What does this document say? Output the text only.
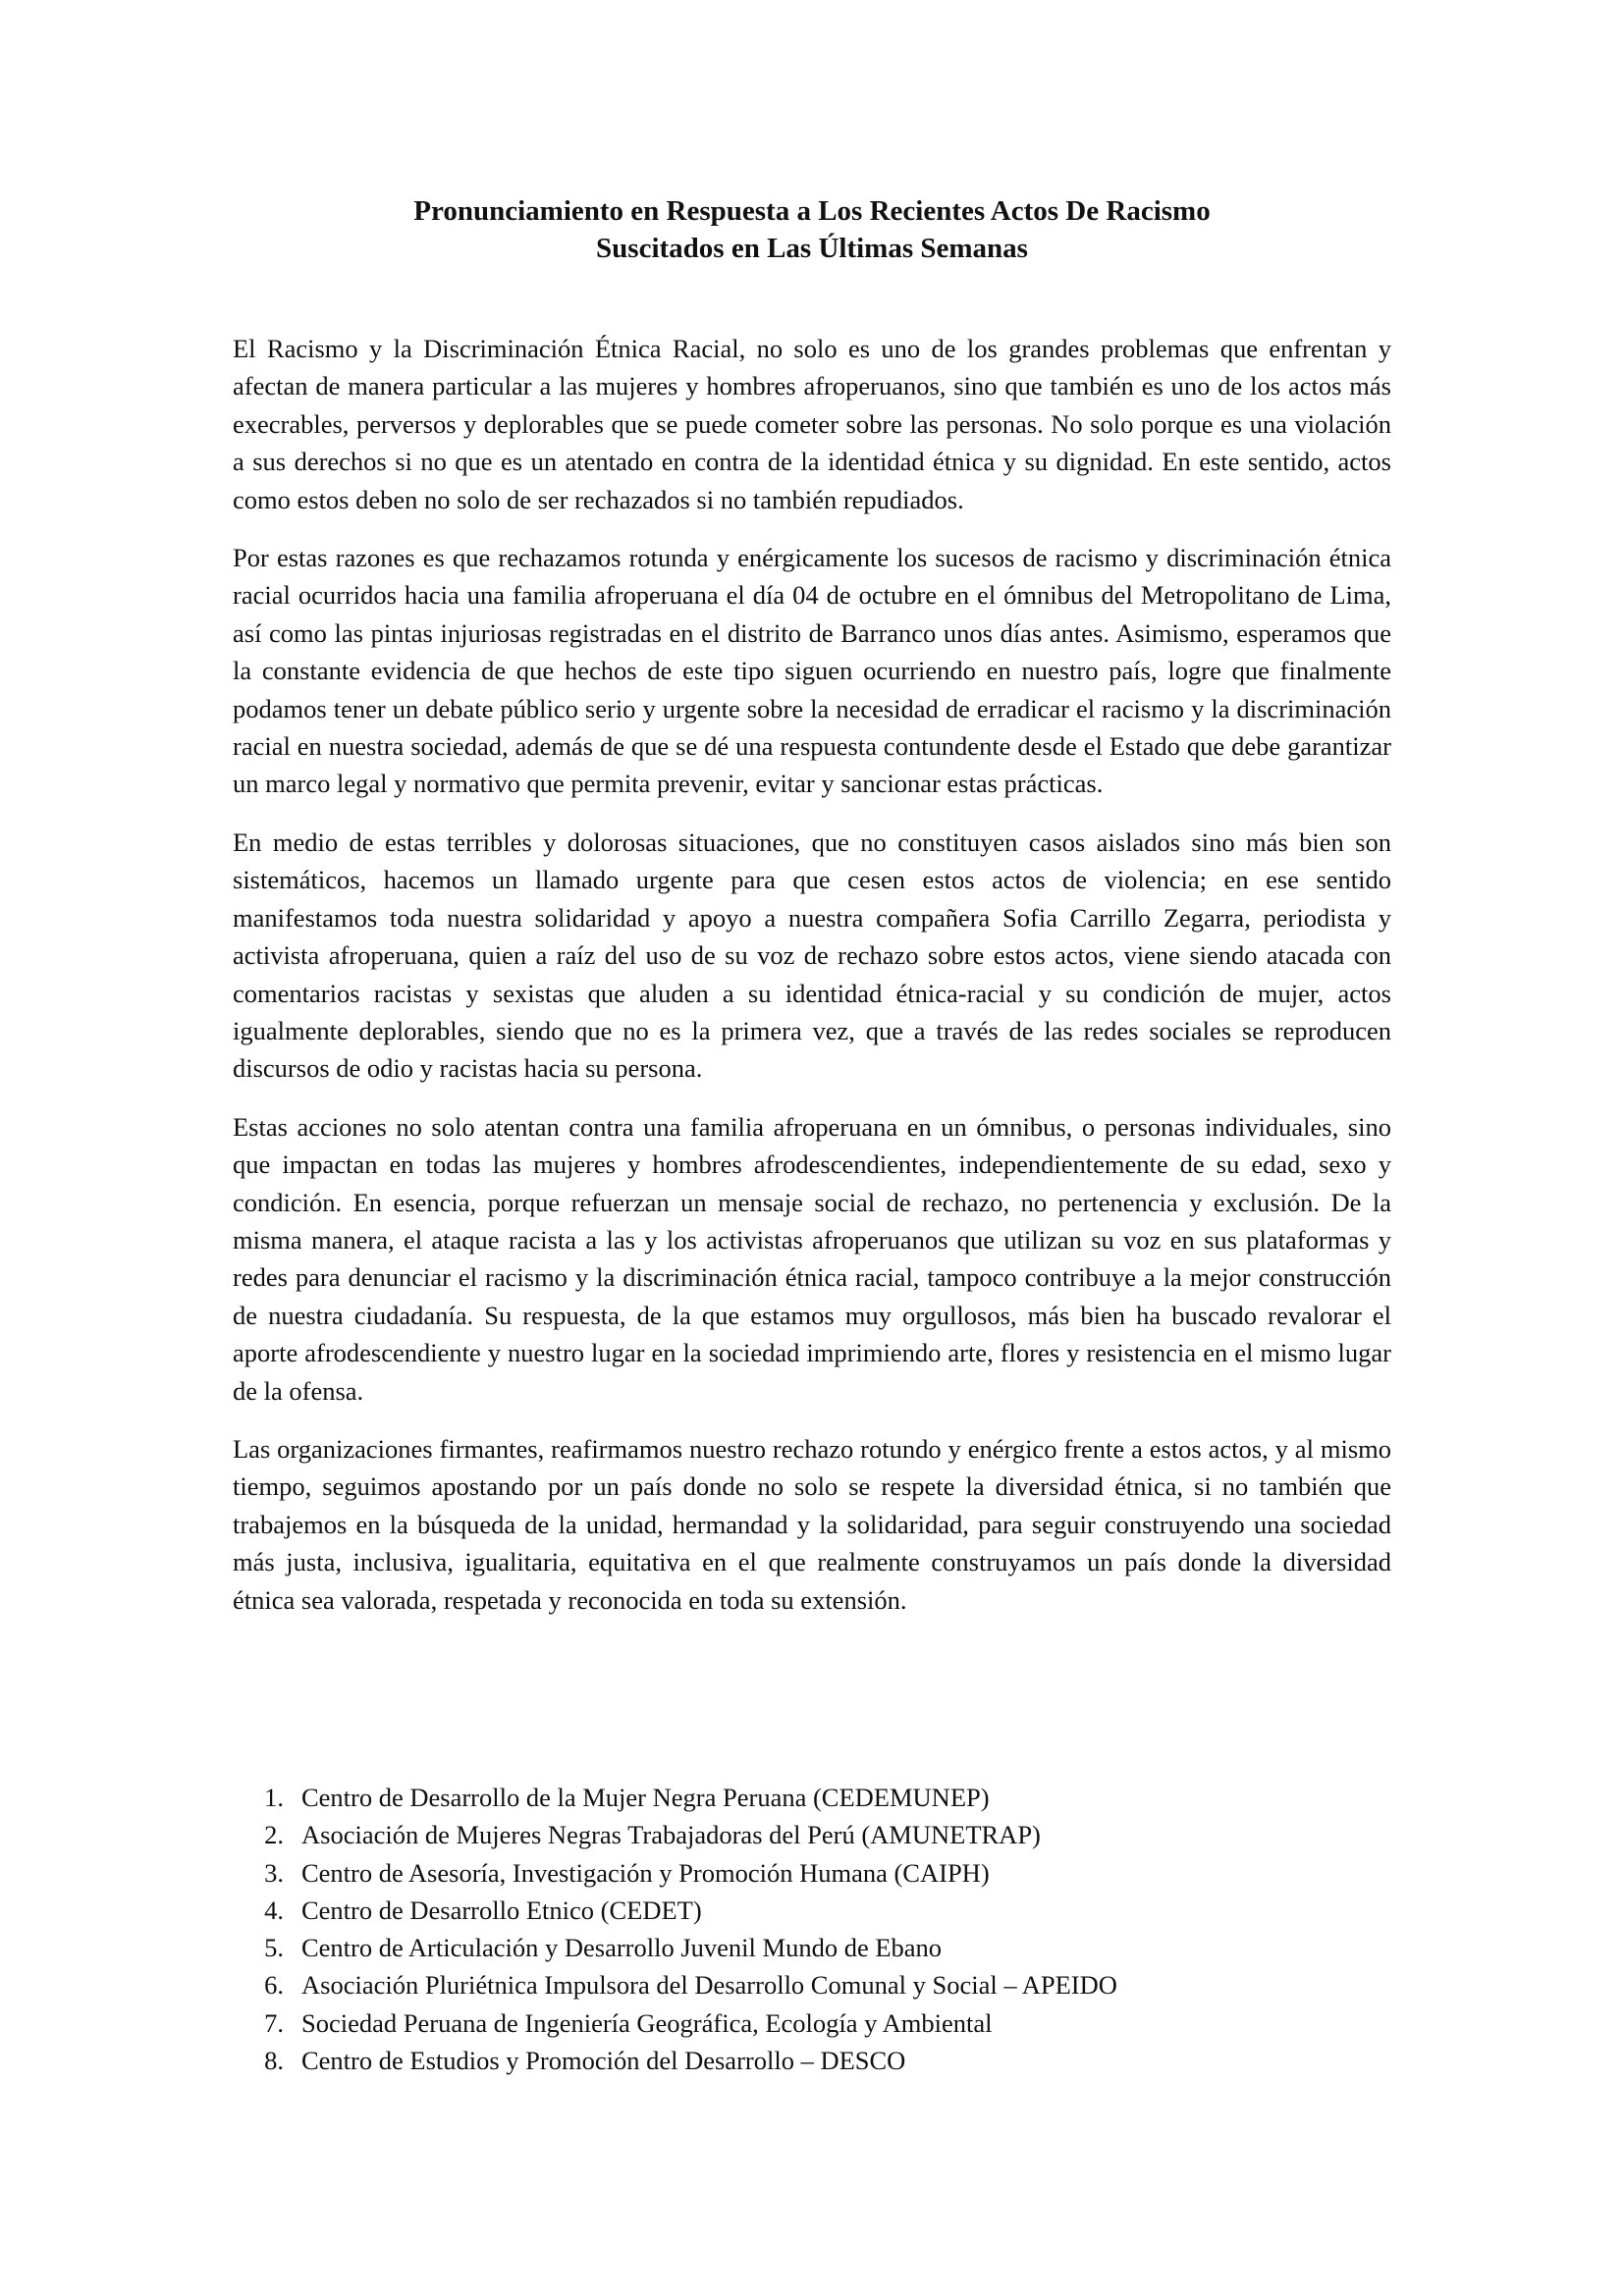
Pronunciamiento en Respuesta a Los Recientes Actos De Racismo
Suscitados en Las Últimas Semanas

El Racismo y la Discriminación Étnica Racial, no solo es uno de los grandes problemas que enfrentan y afectan de manera particular a las mujeres y hombres afroperuanos, sino que también es uno de los actos más execrables, perversos y deplorables que se puede cometer sobre las personas. No solo porque es una violación a sus derechos si no que es un atentado en contra de la identidad étnica y su dignidad. En este sentido, actos como estos deben no solo de ser rechazados si no también repudiados.

Por estas razones es que rechazamos rotunda y enérgicamente los sucesos de racismo y discriminación étnica racial ocurridos hacia una familia afroperuana el día 04 de octubre en el ómnibus del Metropolitano de Lima, así como las pintas injuriosas registradas en el distrito de Barranco unos días antes. Asimismo, esperamos que la constante evidencia de que hechos de este tipo siguen ocurriendo en nuestro país, logre que finalmente podamos tener un debate público serio y urgente sobre la necesidad de erradicar el racismo y la discriminación racial en nuestra sociedad, además de que se dé una respuesta contundente desde el Estado que debe garantizar un marco legal y normativo que permita prevenir, evitar y sancionar estas prácticas.

En medio de estas terribles y dolorosas situaciones, que no constituyen casos aislados sino más bien son sistemáticos, hacemos un llamado urgente para que cesen estos actos de violencia; en ese sentido manifestamos toda nuestra solidaridad y apoyo a nuestra compañera Sofia Carrillo Zegarra, periodista y activista afroperuana, quien a raíz del uso de su voz de rechazo sobre estos actos, viene siendo atacada con comentarios racistas y sexistas que aluden a su identidad étnica-racial y su condición de mujer, actos igualmente deplorables, siendo que no es la primera vez, que a través de las redes sociales se reproducen discursos de odio y racistas hacia su persona.

Estas acciones no solo atentan contra una familia afroperuana en un ómnibus, o personas individuales, sino que impactan en todas las mujeres y hombres afrodescendientes, independientemente de su edad, sexo y condición. En esencia, porque refuerzan un mensaje social de rechazo, no pertenencia y exclusión. De la misma manera, el ataque racista a las y los activistas afroperuanos que utilizan su voz en sus plataformas y redes para denunciar el racismo y la discriminación étnica racial, tampoco contribuye a la mejor construcción de nuestra ciudadanía. Su respuesta, de la que estamos muy orgullosos, más bien ha buscado revalorar el aporte afrodescendiente y nuestro lugar en la sociedad imprimiendo arte, flores y resistencia en el mismo lugar de la ofensa.

Las organizaciones firmantes, reafirmamos nuestro rechazo rotundo y enérgico frente a estos actos, y al mismo tiempo, seguimos apostando por un país donde no solo se respete la diversidad étnica, si no también que trabajemos en la búsqueda de la unidad, hermandad y la solidaridad, para seguir construyendo una sociedad más justa, inclusiva, igualitaria, equitativa en el que realmente construyamos un país donde la diversidad étnica sea valorada, respetada y reconocida en toda su extensión.

1. Centro de Desarrollo de la Mujer Negra Peruana (CEDEMUNEP)
2. Asociación de Mujeres Negras Trabajadoras del Perú (AMUNETRAP)
3. Centro de Asesoría, Investigación y Promoción Humana (CAIPH)
4. Centro de Desarrollo Etnico (CEDET)
5. Centro de Articulación y Desarrollo Juvenil Mundo de Ebano
6. Asociación Pluriétnica Impulsora del Desarrollo Comunal y Social – APEIDO
7. Sociedad Peruana de Ingeniería Geográfica, Ecología y Ambiental
8. Centro de Estudios y Promoción del Desarrollo – DESCO
